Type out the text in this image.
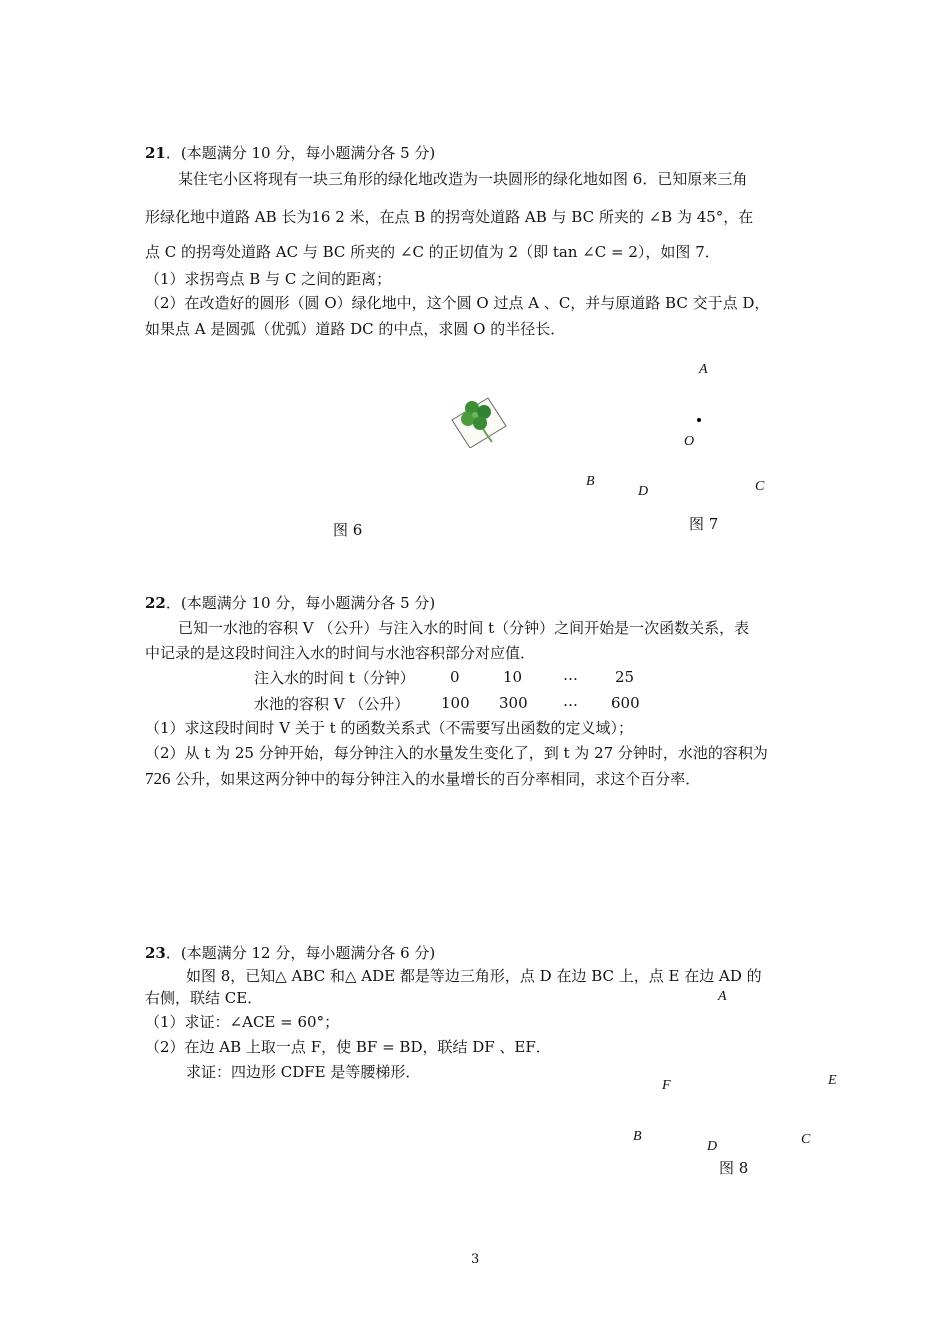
21．(本题满分 10 分，每小题满分各 5 分)
某住宅小区将现有一块三角形的绿化地改造为一块圆形的绿化地如图 6．已知原来三角
形绿化地中道路 AB 长为16 2 米，在点 B 的拐弯处道路 AB 与 BC 所夹的 ∠B 为 45°，在
点 C 的拐弯处道路 AC 与 BC 所夹的 ∠C 的正切值为 2（即 tan ∠C = 2），如图 7．
（1）求拐弯点 B 与 C 之间的距离；
（2）在改造好的圆形（圆 O）绿化地中，这个圆 O 过点 A 、C，并与原道路 BC 交于点 D，
如果点 A 是圆弧（优弧）道路 DC 的中点，求圆 O 的半径长．
图 6
A
O
B
D	C
图 7
22．(本题满分 10 分，每小题满分各 5 分)
已知一水池的容积 V （公升）与注入水的时间 t（分钟）之间开始是一次函数关系，表
中记录的是这段时间注入水的时间与水池容积部分对应值．
注入水的时间 t（分钟） 0	10	… 25
水池的容积 V （公升） 100 300 … 600
（1）求这段时间时 V 关于 t 的函数关系式（不需要写出函数的定义域）；
（2）从 t 为 25 分钟开始，每分钟注入的水量发生变化了，到 t 为 27 分钟时，水池的容积为
726 公升，如果这两分钟中的每分钟注入的水量增长的百分率相同，求这个百分率．
23．(本题满分 12 分，每小题满分各 6 分)
如图 8，已知△ ABC 和△ ADE 都是等边三角形，点 D 在边 BC 上，点 E 在边 AD 的
右侧，联结 CE．
（1）求证：∠ACE = 60°；
（2）在边 AB 上取一点 F，使 BF = BD，联结 DF 、EF．
求证：四边形 CDFE 是等腰梯形．
A
E
F
B
D	C
图 8
3
